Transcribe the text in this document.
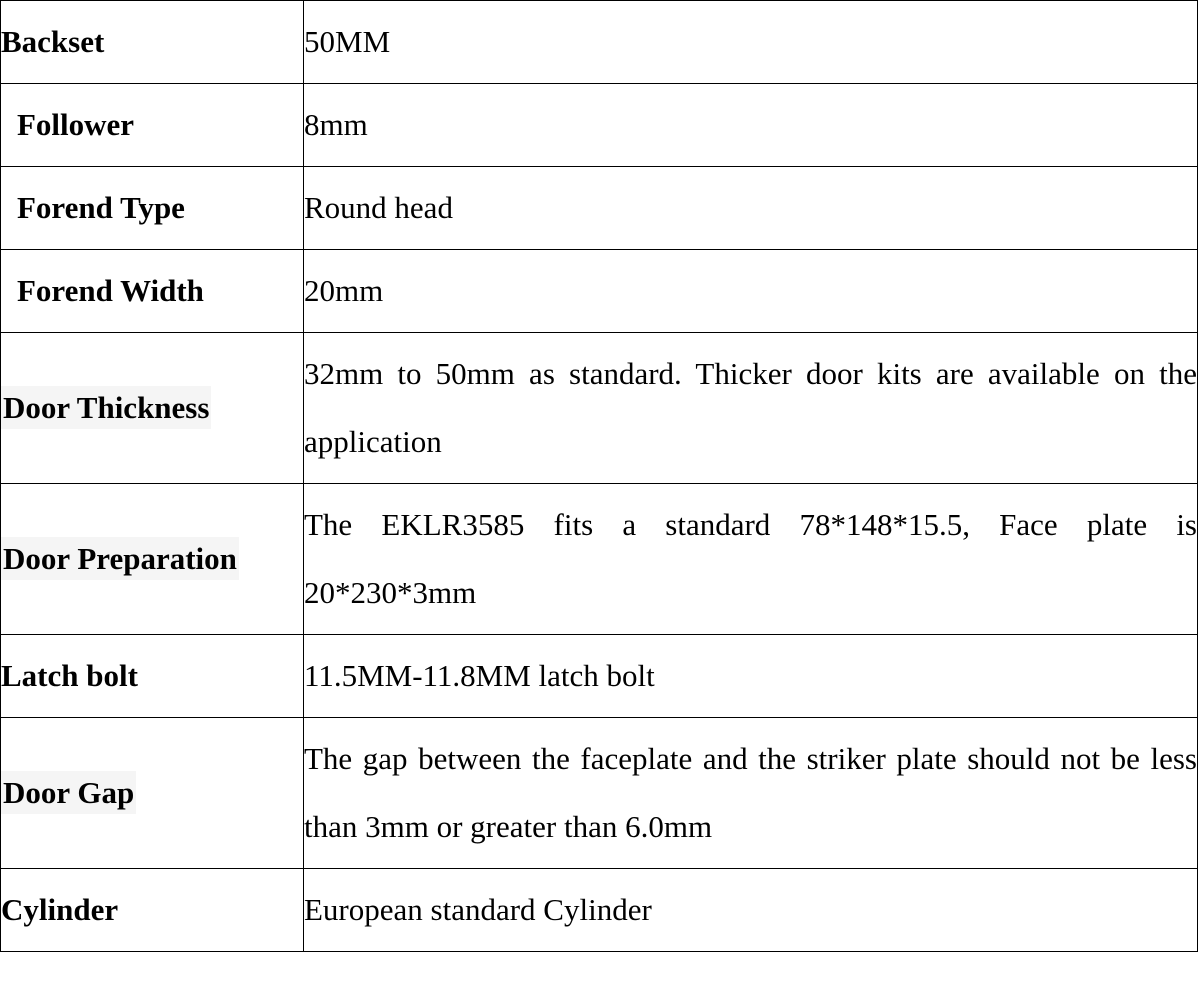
Backset	50MM
Follower	8mm
Forend Type	Round head
Forend Width	20mm
Door Thickness	32mm to 50mm as standard. Thicker door kits are available on the application
Door Preparation	The EKLR3585 fits a standard 78*148*15.5, Face plate is 20*230*3mm
Latch bolt	11.5MM-11.8MM latch bolt
Door Gap	The gap between the faceplate and the striker plate should not be less than 3mm or greater than 6.0mm
Cylinder	European standard Cylinder
